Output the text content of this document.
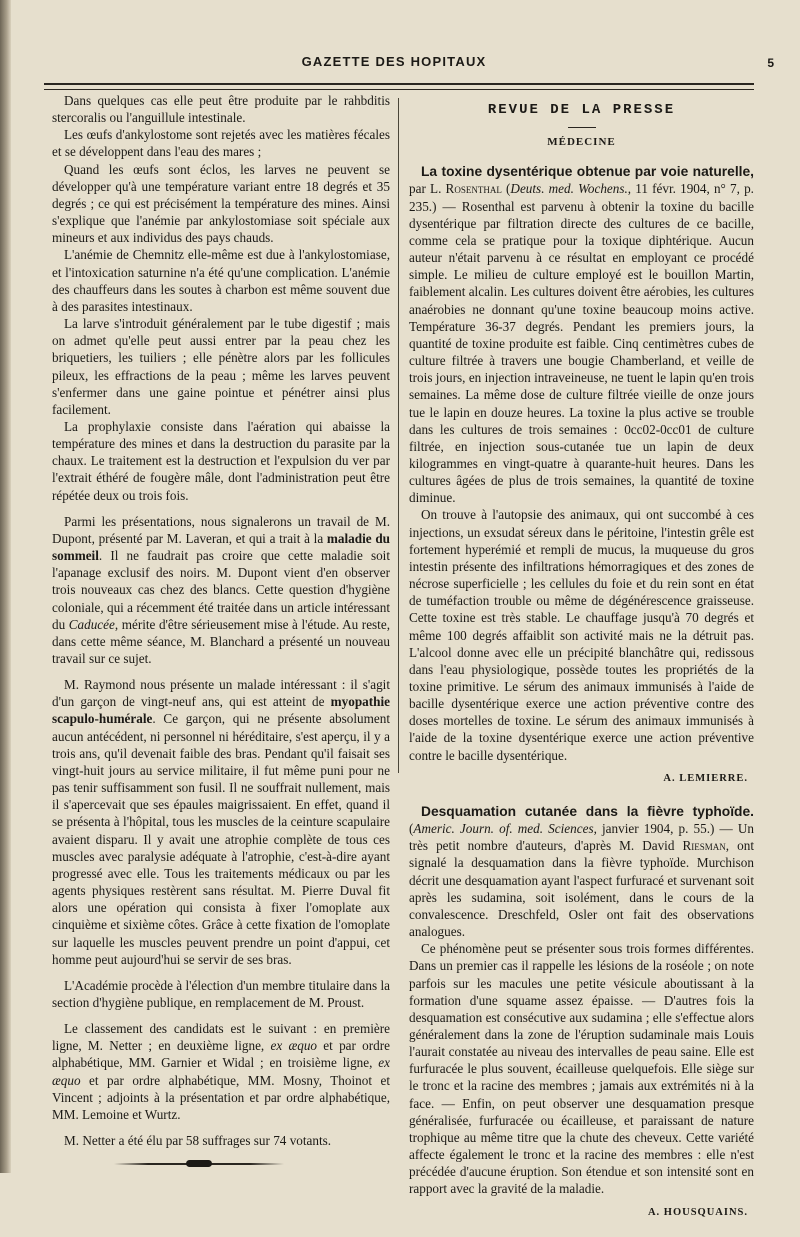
GAZETTE DES HOPITAUX	5

Dans quelques cas elle peut être produite par le rahbditis stercoralis ou l'anguillule intestinale.

Les œufs d'ankylostome sont rejetés avec les matières fécales et se développent dans l'eau des mares ;

Quand les œufs sont éclos, les larves ne peuvent se développer qu'à une température variant entre 18 degrés et 35 degrés ; ce qui est précisément la température des mines. Ainsi s'explique que l'anémie par ankylostomiase soit spéciale aux mineurs et aux individus des pays chauds.

L'anémie de Chemnitz elle-même est due à l'ankylostomiase, et l'intoxication saturnine n'a été qu'une complication. L'anémie des chauffeurs dans les soutes à charbon est même souvent due à des parasites intestinaux.

La larve s'introduit généralement par le tube digestif ; mais on admet qu'elle peut aussi entrer par la peau chez les briquetiers, les tuiliers ; elle pénètre alors par les follicules pileux, les effractions de la peau ; même les larves peuvent s'enfermer dans une gaine pointue et pénétrer ainsi plus facilement.

La prophylaxie consiste dans l'aération qui abaisse la température des mines et dans la destruction du parasite par la chaux. Le traitement est la destruction et l'expulsion du ver par l'extrait éthéré de fougère mâle, dont l'administration peut être répétée deux ou trois fois.

Parmi les présentations, nous signalerons un travail de M. Dupont, présenté par M. Laveran, et qui a trait à la maladie du sommeil. Il ne faudrait pas croire que cette maladie soit l'apanage exclusif des noirs. M. Dupont vient d'en observer trois nouveaux cas chez des blancs. Cette question d'hygiène coloniale, qui a récemment été traitée dans un article intéressant du Caducée, mérite d'être sérieusement mise à l'étude. Au reste, dans cette même séance, M. Blanchard a présenté un nouveau travail sur ce sujet.

M. Raymond nous présente un malade intéressant : il s'agit d'un garçon de vingt-neuf ans, qui est atteint de myopathie scapulo-humérale. Ce garçon, qui ne présente absolument aucun antécédent, ni personnel ni héréditaire, s'est aperçu, il y a trois ans, qu'il devenait faible des bras. Pendant qu'il faisait ses vingt-huit jours au service militaire, il fut même puni pour ne pas tenir suffisamment son fusil. Il ne souffrait nullement, mais il s'apercevait que ses épaules maigrissaient. En effet, quand il se présenta à l'hôpital, tous les muscles de la ceinture scapulaire avaient disparu. Il y avait une atrophie complète de tous ces muscles avec paralysie adéquate à l'atrophie, c'est-à-dire ayant progressé avec elle. Tous les traitements médicaux ou par les agents physiques restèrent sans résultat. M. Pierre Duval fit alors une opération qui consista à fixer l'omoplate aux cinquième et sixième côtes. Grâce à cette fixation de l'omoplate sur laquelle les muscles peuvent prendre un point d'appui, cet homme peut aujourd'hui se servir de ses bras.

L'Académie procède à l'élection d'un membre titulaire dans la section d'hygiène publique, en remplacement de M. Proust.

Le classement des candidats est le suivant : en première ligne, M. Netter ; en deuxième ligne, ex æquo et par ordre alphabétique, MM. Garnier et Widal ; en troisième ligne, ex æquo et par ordre alphabétique, MM. Mosny, Thoinot et Vincent ; adjoints à la présentation et par ordre alphabétique, MM. Lemoine et Wurtz.

M. Netter a été élu par 58 suffrages sur 74 votants.

REVUE DE LA PRESSE
MÉDECINE

La toxine dysentérique obtenue par voie naturelle, par L. Rosenthal (Deuts. med. Wochens., 11 févr. 1904, n° 7, p. 235.) — Rosenthal est parvenu à obtenir la toxine du bacille dysentérique par filtration directe des cultures de ce bacille, comme cela se pratique pour la toxique diphtérique. Aucun auteur n'était parvenu à ce résultat en employant ce procédé simple. Le milieu de culture employé est le bouillon Martin, faiblement alcalin. Les cultures doivent être aérobies, les cultures anaérobies ne donnant qu'une toxine beaucoup moins active. Température 36-37 degrés. Pendant les premiers jours, la quantité de toxine produite est faible. Cinq centimètres cubes de culture filtrée à travers une bougie Chamberland, et veille de trois jours, en injection intraveineuse, ne tuent le lapin qu'en trois semaines. La même dose de culture filtrée vieille de onze jours tue le lapin en douze heures. La toxine la plus active se trouble dans les cultures de trois semaines : 0cc02-0cc01 de culture filtrée, en injection sous-cutanée tue un lapin de deux kilogrammes en vingt-quatre à quarante-huit heures. Dans les cultures âgées de plus de trois semaines, la quantité de toxine diminue.

On trouve à l'autopsie des animaux, qui ont succombé à ces injections, un exsudat séreux dans le péritoine, l'intestin grêle est fortement hyperémié et rempli de mucus, la muqueuse du gros intestin présente des infiltrations hémorragiques et des zones de nécrose superficielle ; les cellules du foie et du rein sont en état de tuméfaction trouble ou même de dégénérescence graisseuse. Cette toxine est très stable. Le chauffage jusqu'à 70 degrés et même 100 degrés affaiblit son activité mais ne la détruit pas. L'alcool donne avec elle un précipité blanchâtre qui, redissous dans l'eau physiologique, possède toutes les propriétés de la toxine primitive. Le sérum des animaux immunisés à l'aide de bacille dysentérique exerce une action préventive contre des doses mortelles de toxine. Le sérum des animaux immunisés à l'aide de la toxine dysentérique exerce une action préventive contre le bacille dysentérique.

A. LEMIERRE.

Desquamation cutanée dans la fièvre typhoïde. (Americ. Journ. of. med. Sciences, janvier 1904, p. 55.) — Un très petit nombre d'auteurs, d'après M. David Riesman, ont signalé la desquamation dans la fièvre typhoïde. Murchison décrit une desquamation ayant l'aspect furfuracé et survenant soit après les sudamina, soit isolément, dans le cours de la convalescence. Dreschfeld, Osler ont fait des observations analogues.

Ce phénomène peut se présenter sous trois formes différentes. Dans un premier cas il rappelle les lésions de la roséole ; on note parfois sur les macules une petite vésicule aboutissant à la formation d'une squame assez épaisse. — D'autres fois la desquamation est consécutive aux sudamina ; elle s'effectue alors généralement dans la zone de l'éruption sudaminale mais Louis l'aurait constatée au niveau des intervalles de peau saine. Elle est furfuracée le plus souvent, écailleuse quelquefois. Elle siège sur le tronc et la racine des membres ; jamais aux extrémités ni à la face. — Enfin, on peut observer une desquamation presque généralisée, furfuracée ou écailleuse, et paraissant de nature trophique au même titre que la chute des cheveux. Cette variété affecte également le tronc et la racine des membres : elle n'est précédée d'aucune éruption. Son étendue et son intensité sont en rapport avec la gravité de la maladie.

A. HOUSQUAINS.
